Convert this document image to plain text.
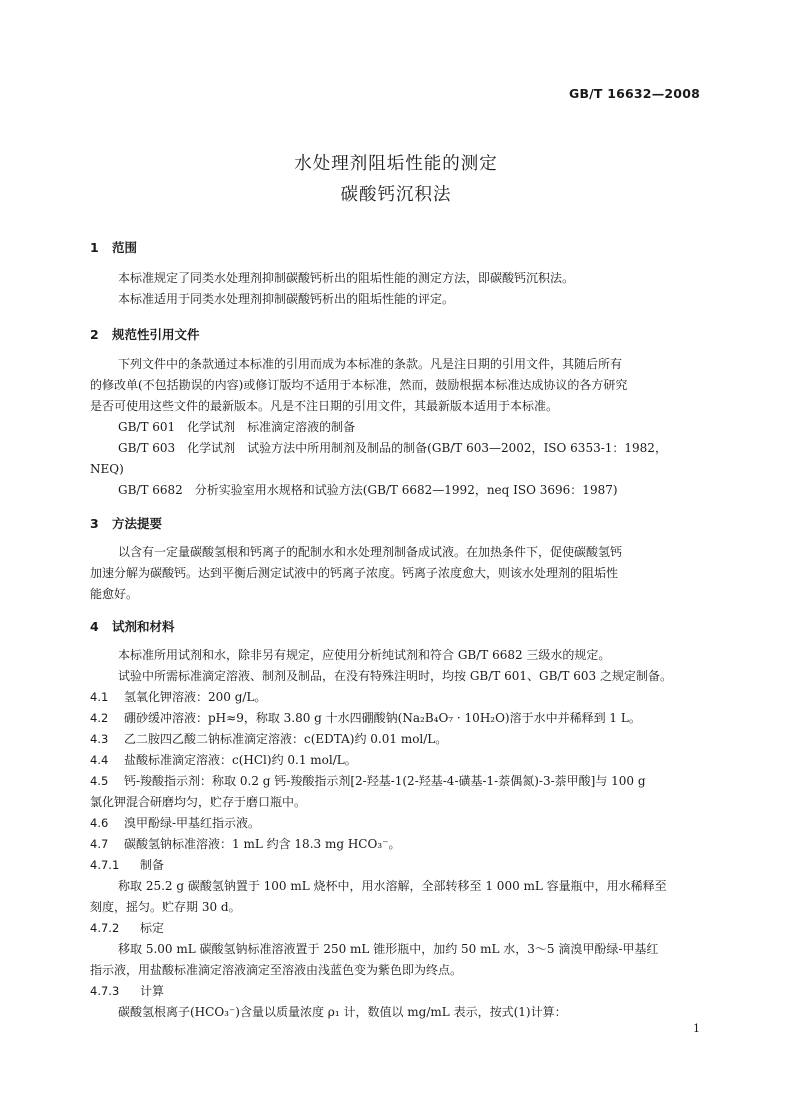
GB/T 16632—2008
水处理剂阻垢性能的测定
碳酸钙沉积法
1 范围
本标准规定了同类水处理剂抑制碳酸钙析出的阻垢性能的测定方法，即碳酸钙沉积法。
本标准适用于同类水处理剂抑制碳酸钙析出的阻垢性能的评定。
2 规范性引用文件
下列文件中的条款通过本标准的引用而成为本标准的条款。凡是注日期的引用文件，其随后所有
的修改单(不包括勘误的内容)或修订版均不适用于本标准，然而，鼓励根据本标准达成协议的各方研究
是否可使用这些文件的最新版本。凡是不注日期的引用文件，其最新版本适用于本标准。
GB/T 601　化学试剂　标准滴定溶液的制备
GB/T 603　化学试剂　试验方法中所用制剂及制品的制备(GB/T 603—2002，ISO 6353-1：1982，
NEQ)
GB/T 6682　分析实验室用水规格和试验方法(GB/T 6682—1992，neq ISO 3696：1987)
3 方法提要
以含有一定量碳酸氢根和钙离子的配制水和水处理剂制备成试液。在加热条件下，促使碳酸氢钙
加速分解为碳酸钙。达到平衡后测定试液中的钙离子浓度。钙离子浓度愈大，则该水处理剂的阻垢性
能愈好。
4 试剂和材料
本标准所用试剂和水，除非另有规定，应使用分析纯试剂和符合 GB/T 6682 三级水的规定。
试验中所需标准滴定溶液、制剂及制品，在没有特殊注明时，均按 GB/T 601、GB/T 603 之规定制备。
4.1 氢氧化钾溶液：200 g/L。
4.2 硼砂缓冲溶液：pH≈9，称取 3.80 g 十水四硼酸钠(Na₂B₄O₇ · 10H₂O)溶于水中并稀释到 1 L。
4.3 乙二胺四乙酸二钠标准滴定溶液：c(EDTA)约 0.01 mol/L。
4.4 盐酸标准滴定溶液：c(HCl)约 0.1 mol/L。
4.5 钙-羧酸指示剂：称取 0.2 g 钙-羧酸指示剂[2-羟基-1(2-羟基-4-磺基-1-萘偶氮)-3-萘甲酸]与 100 g
氯化钾混合研磨均匀，贮存于磨口瓶中。
4.6 溴甲酚绿-甲基红指示液。
4.7 碳酸氢钠标准溶液：1 mL 约含 18.3 mg HCO₃⁻。
4.7.1 制备
称取 25.2 g 碳酸氢钠置于 100 mL 烧杯中，用水溶解，全部转移至 1 000 mL 容量瓶中，用水稀释至
刻度，摇匀。贮存期 30 d。
4.7.2 标定
移取 5.00 mL 碳酸氢钠标准溶液置于 250 mL 锥形瓶中，加约 50 mL 水，3～5 滴溴甲酚绿-甲基红
指示液，用盐酸标准滴定溶液滴定至溶液由浅蓝色变为紫色即为终点。
4.7.3 计算
碳酸氢根离子(HCO₃⁻)含量以质量浓度 ρ₁ 计，数值以 mg/mL 表示，按式(1)计算：
1
